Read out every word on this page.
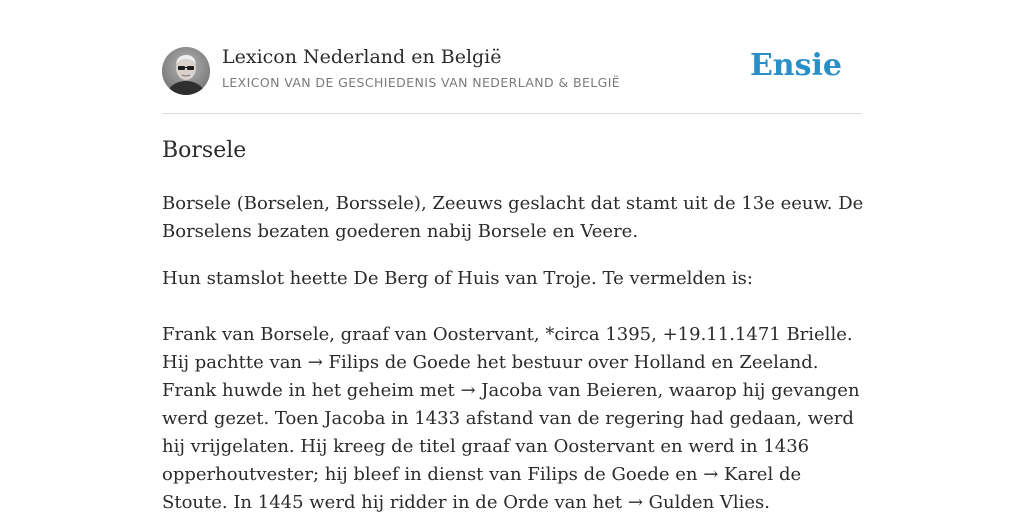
Lexicon Nederland en België
LEXICON VAN DE GESCHIEDENIS VAN NEDERLAND & BELGIË	Ensie
Borsele

Borsele (Borselen, Borssele), Zeeuws geslacht dat stamt uit de 13e eeuw. De Borselens bezaten goederen nabij Borsele en Veere.

Hun stamslot heette De Berg of Huis van Troje. Te vermelden is:

Frank van Borsele, graaf van Oostervant, *circa 1395, +19.11.1471 Brielle. Hij pachtte van → Filips de Goede het bestuur over Holland en Zeeland. Frank huwde in het geheim met → Jacoba van Beieren, waarop hij gevangen werd gezet. Toen Jacoba in 1433 afstand van de regering had gedaan, werd hij vrijgelaten. Hij kreeg de titel graaf van Oostervant en werd in 1436 opperhoutvester; hij bleef in dienst van Filips de Goede en → Karel de Stoute. In 1445 werd hij ridder in de Orde van het → Gulden Vlies.
